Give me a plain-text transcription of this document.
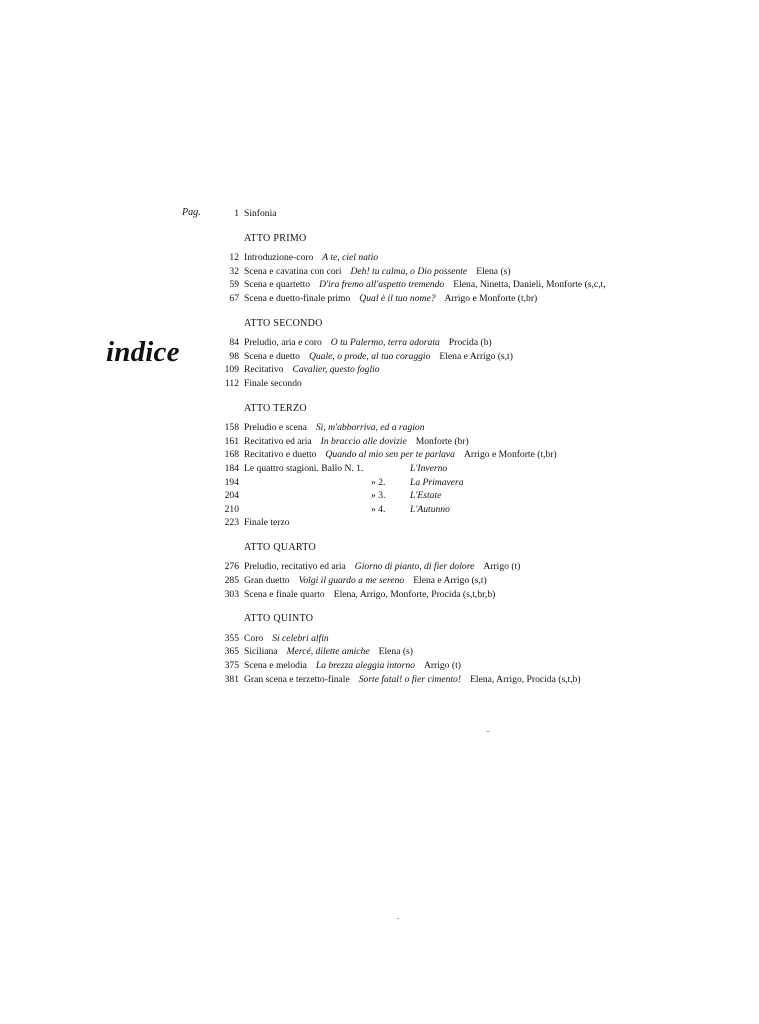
Pag.
indice
1 Sinfonia
ATTO PRIMO
12 Introduzione-coro A te, ciel natio
32 Scena e cavatina con cori Deh! tu calma, o Dio possente Elena (s)
59 Scena e quartetto D'ira fremo all'aspetto tremendo Elena, Ninetta, Danieli, Monforte (s,c,t,
67 Scena e duetto-finale primo Qual è il tuo nome? Arrigo e Monforte (t,br)
ATTO SECONDO
84 Preludio, aria e coro O tu Palermo, terra adorata Procida (b)
98 Scena e duetto Quale, o prode, al tuo coraggio Elena e Arrigo (s,t)
109 Recitativo Cavalier, questo foglio
112 Finale secondo
ATTO TERZO
158 Preludio e scena Sì, m'abborriva, ed a ragion
161 Recitativo ed aria In braccio alle dovizie Monforte (br)
168 Recitativo e duetto Quando al mio sen per te parlava Arrigo e Monforte (t,br)
184 Le quattro stagioni. Ballo N. 1.	L'Inverno
194	» 2.	La Primavera
204	» 3.	L'Estate
210	» 4.	L'Autunno
223 Finale terzo
ATTO QUARTO
276 Preludio, recitativo ed aria Giorno di pianto, di fier dolore Arrigo (t)
285 Gran duetto Volgi il guardo a me sereno Elena e Arrigo (s,t)
303 Scena e finale quarto Elena, Arrigo, Monforte, Procida (s,t,br,b)
ATTO QUINTO
355 Coro Si celebri alfin
365 Siciliana Mercé, dilette amiche Elena (s)
375 Scena e melodia La brezza aleggia intorno Arrigo (t)
381 Gran scena e terzetto-finale Sorte fatal! o fier cimento! Elena, Arrigo, Procida (s,t,b)
